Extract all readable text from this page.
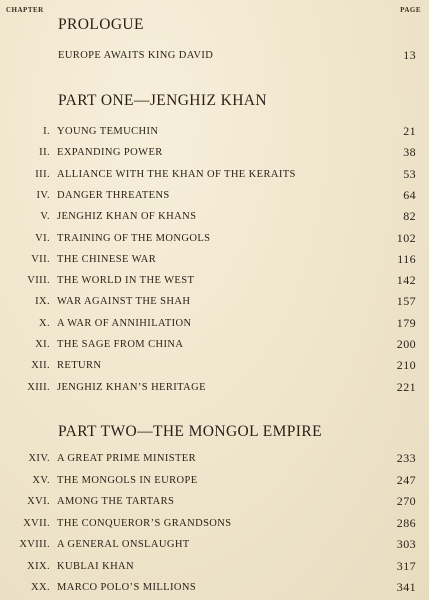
CHAPTER	PAGE
PROLOGUE
EUROPE AWAITS KING DAVID	13
PART ONE—JENGHIZ KHAN
I. YOUNG TEMUCHIN	21
II. EXPANDING POWER	38
III. ALLIANCE WITH THE KHAN OF THE KERAITS	53
IV. DANGER THREATENS	64
V. JENGHIZ KHAN OF KHANS	82
VI. TRAINING OF THE MONGOLS	102
VII. THE CHINESE WAR	116
VIII. THE WORLD IN THE WEST	142
IX. WAR AGAINST THE SHAH	157
X. A WAR OF ANNIHILATION	179
XI. THE SAGE FROM CHINA	200
XII. RETURN	210
XIII. JENGHIZ KHAN’S HERITAGE	221
PART TWO—THE MONGOL EMPIRE
XIV. A GREAT PRIME MINISTER	233
XV. THE MONGOLS IN EUROPE	247
XVI. AMONG THE TARTARS	270
XVII. THE CONQUEROR’S GRANDSONS	286
XVIII. A GENERAL ONSLAUGHT	303
XIX. KUBLAI KHAN	317
XX. MARCO POLO’S MILLIONS	341
